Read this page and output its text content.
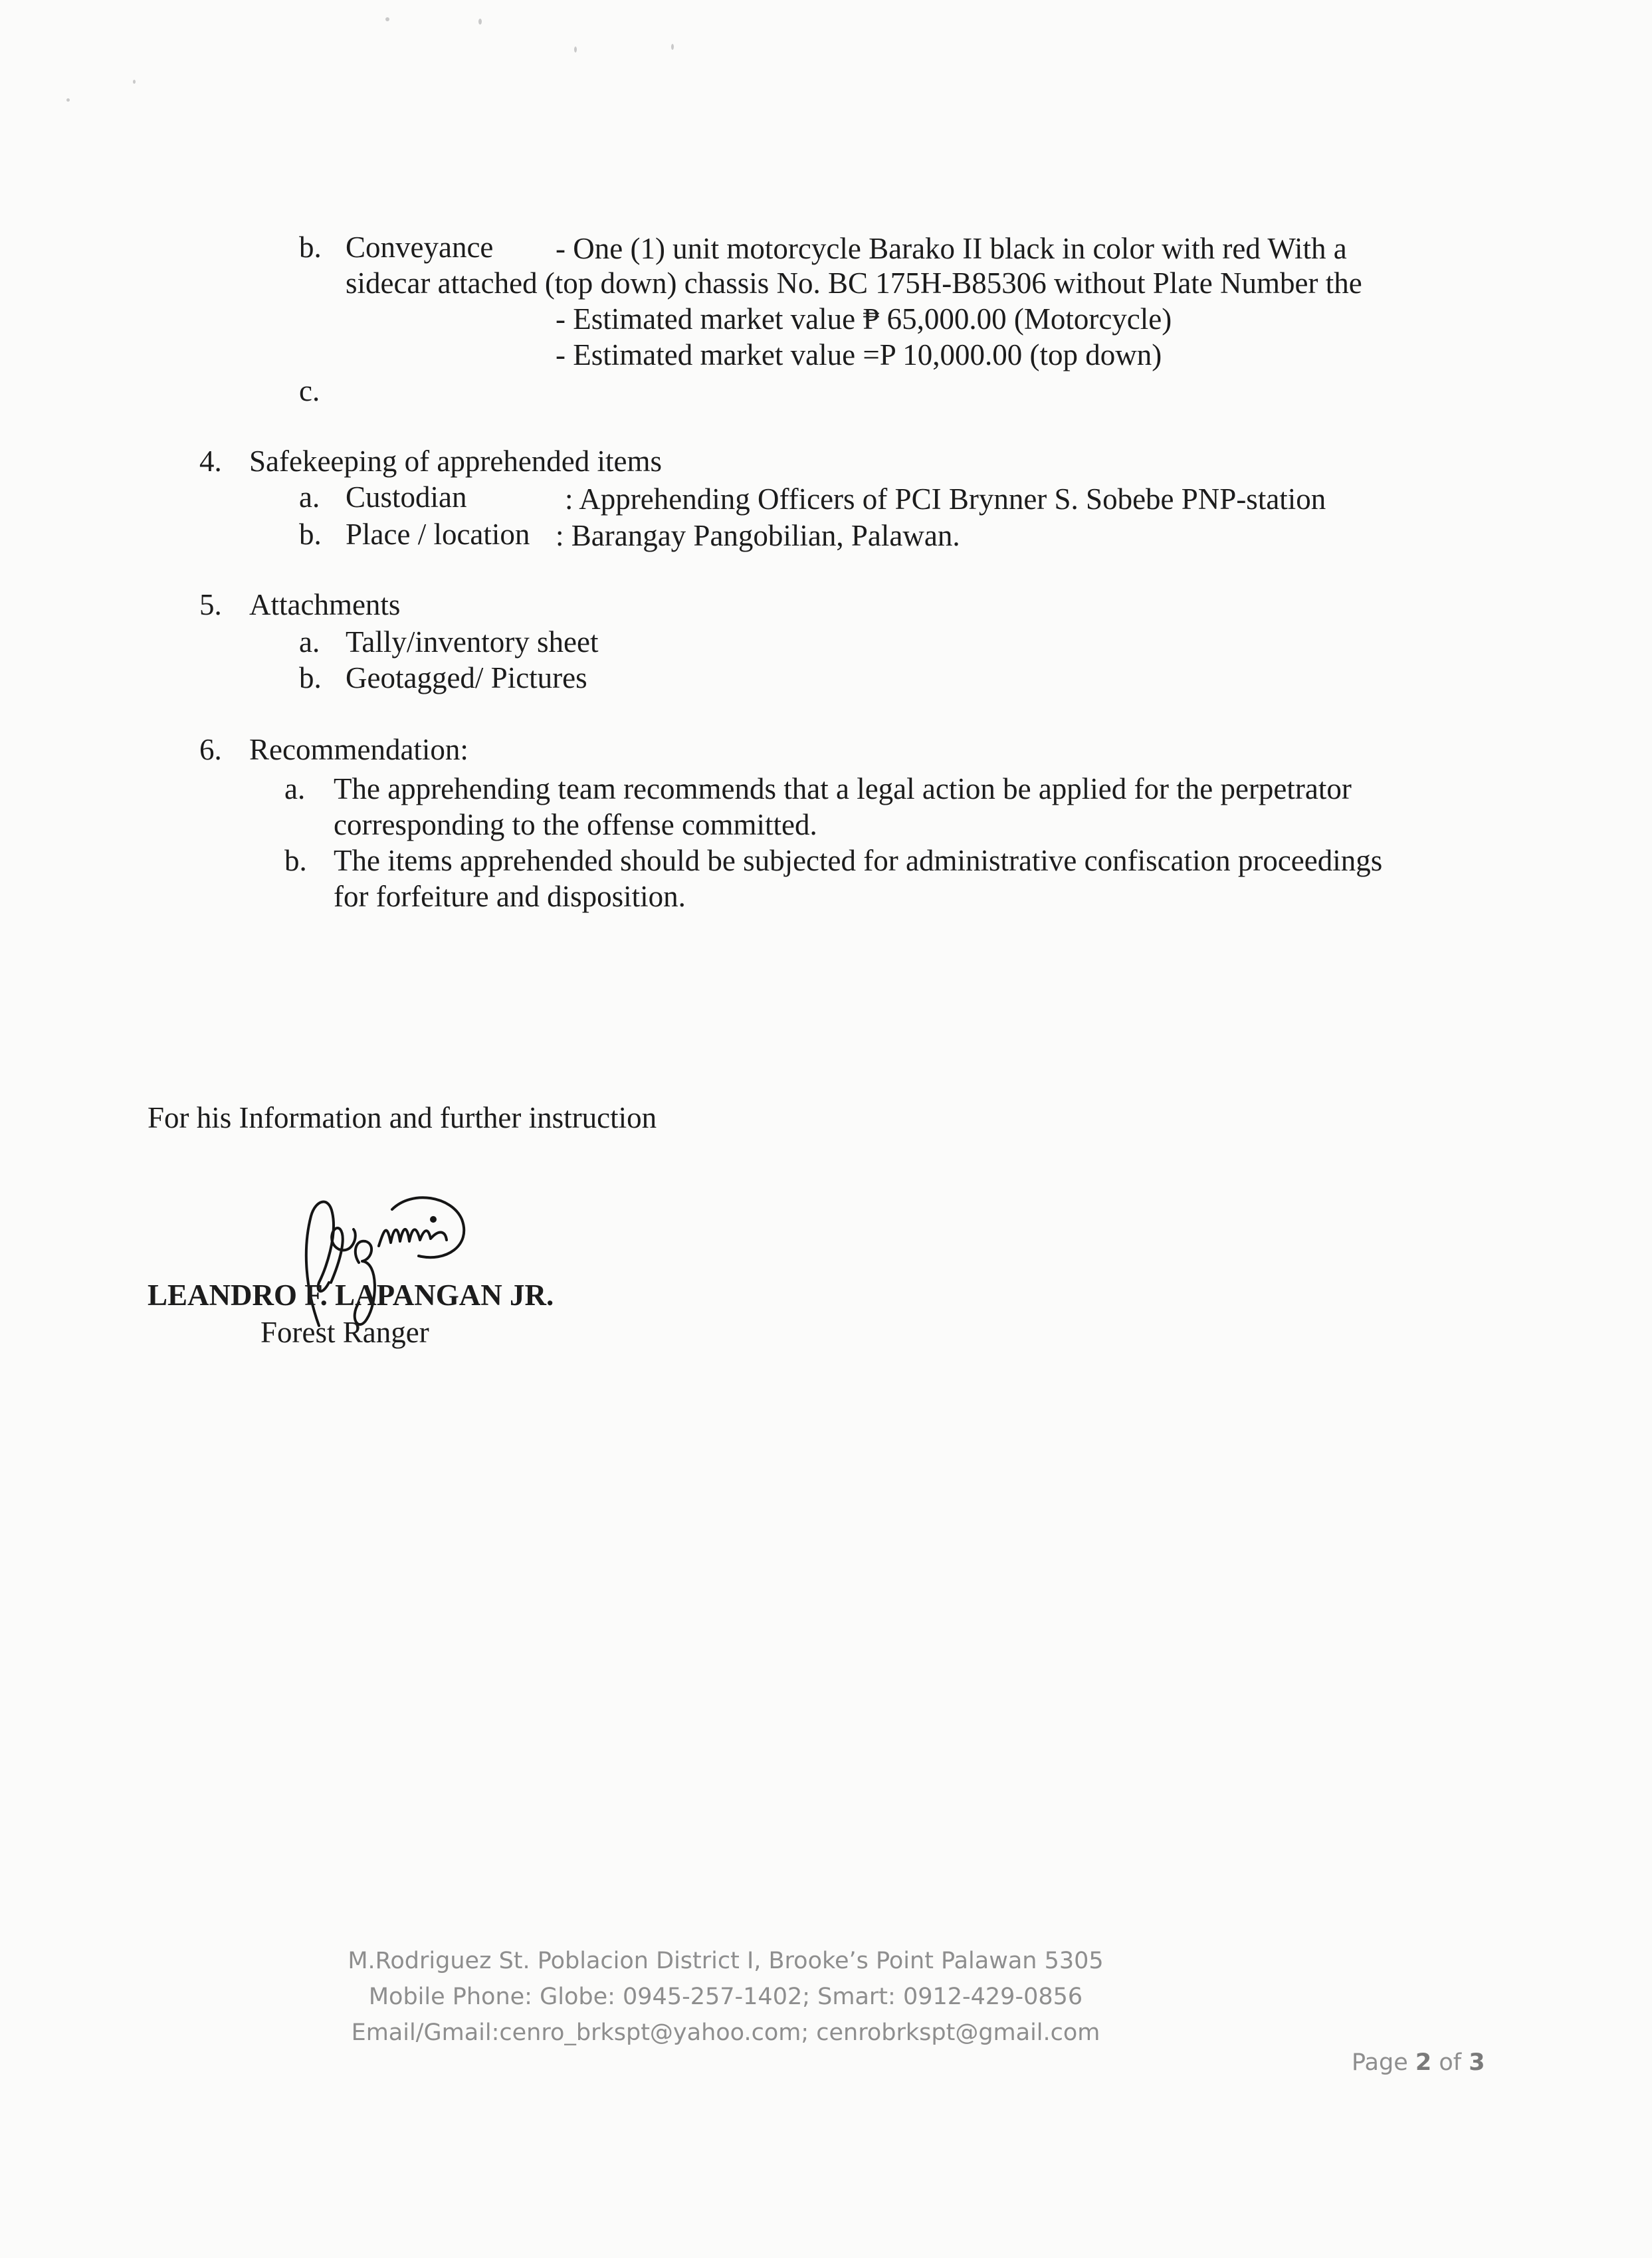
b. Conveyance - One (1) unit motorcycle Barako II black in color with red With a
sidecar attached (top down) chassis No. BC 175H-B85306 without Plate Number the
- Estimated market value ₱ 65,000.00 (Motorcycle)
- Estimated market value =P 10,000.00 (top down)
c.
4. Safekeeping of apprehended items
a. Custodian	: Apprehending Officers of PCI Brynner S. Sobebe PNP-station
b. Place / location : Barangay Pangobilian, Palawan.
5. Attachments
a. Tally/inventory sheet
b. Geotagged/ Pictures
6. Recommendation:
a. The apprehending team recommends that a legal action be applied for the perpetrator
corresponding to the offense committed.
b. The items apprehended should be subjected for administrative confiscation proceedings
for forfeiture and disposition.
For his Information and further instruction
LEANDRO F. LAPANGAN JR.
Forest Ranger
M.Rodriguez St. Poblacion District I, Brooke’s Point Palawan 5305
Mobile Phone: Globe: 0945-257-1402; Smart: 0912-429-0856
Email/Gmail:cenro_brkspt@yahoo.com; cenrobrkspt@gmail.com
Page 2 of 3
